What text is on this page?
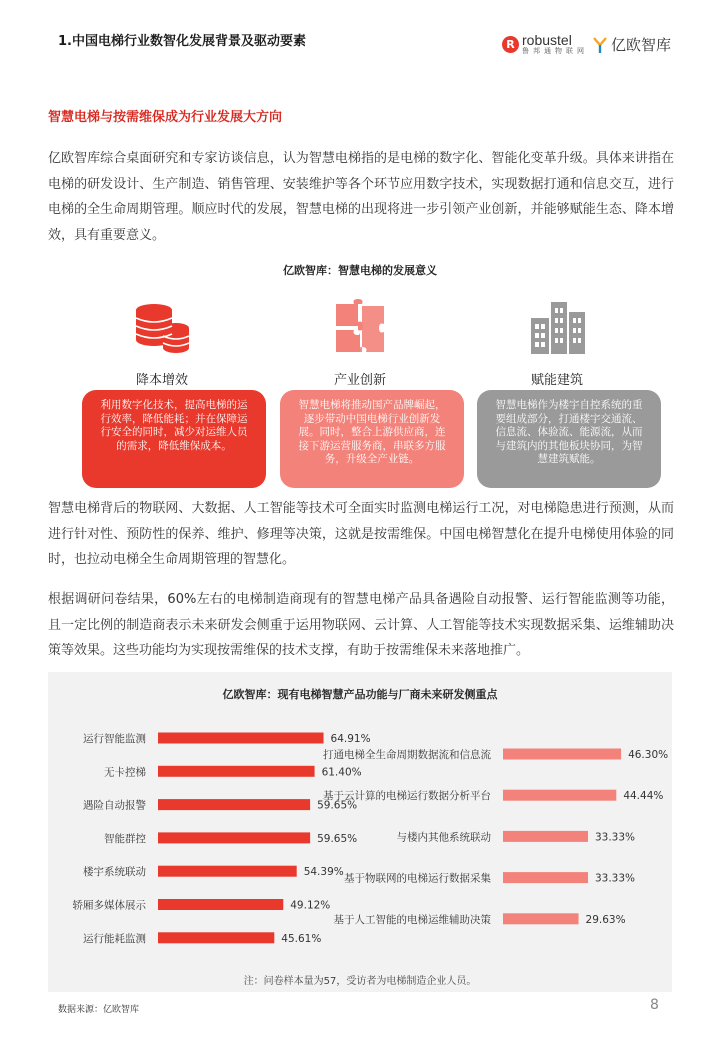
1.中国电梯行业数智化发展背景及驱动要素	R robustel
鲁邦通物联网 亿欧智库
智慧电梯与按需维保成为行业发展大方向
亿欧智库综合桌面研究和专家访谈信息，认为智慧电梯指的是电梯的数字化、智能化变革升级。具体来讲指在电梯的研发设计、生产制造、销售管理、安装维护等各个环节应用数字技术，实现数据打通和信息交互，进行电梯的全生命周期管理。顺应时代的发展，智慧电梯的出现将进一步引领产业创新，并能够赋能生态、降本增效，具有重要意义。
亿欧智库：智慧电梯的发展意义
降本增效	产业创新	赋能建筑
利用数字化技术，提高电梯的运行效率，降低能耗；并在保障运行安全的同时，减少对运维人员的需求，降低维保成本。
智慧电梯将推动国产品牌崛起，逐步带动中国电梯行业创新发展。同时，整合上游供应商，连接下游运营服务商，串联多方服务，升级全产业链。
智慧电梯作为楼宇自控系统的重要组成部分，打通楼宇交通流、信息流、体验流、能源流，从而与建筑内的其他板块协同，为智慧建筑赋能。
智慧电梯背后的物联网、大数据、人工智能等技术可全面实时监测电梯运行工况，对电梯隐患进行预测，从而进行针对性、预防性的保养、维护、修理等决策，这就是按需维保。中国电梯智慧化在提升电梯使用体验的同时，也拉动电梯全生命周期管理的智慧化。
根据调研问卷结果，60%左右的电梯制造商现有的智慧电梯产品具备遇险自动报警、运行智能监测等功能，且一定比例的制造商表示未来研发会侧重于运用物联网、云计算、人工智能等技术实现数据采集、运维辅助决策等效果。这些功能均为实现按需维保的技术支撑，有助于按需维保未来落地推广。
亿欧智库：现有电梯智慧产品功能与厂商未来研发侧重点
运行智能监测	64.91%
无卡控梯	61.40%
遇险自动报警	59.65%
智能群控	59.65%
楼宇系统联动	54.39%
轿厢多媒体展示	49.12%
运行能耗监测	45.61%
打通电梯全生命周期数据流和信息流	46.30%
基于云计算的电梯运行数据分析平台	44.44%
与楼内其他系统联动	33.33%
基于物联网的电梯运行数据采集	33.33%
基于人工智能的电梯运维辅助决策	29.63%
注：问卷样本量为57，受访者为电梯制造企业人员。
数据来源：亿欧智库	8
